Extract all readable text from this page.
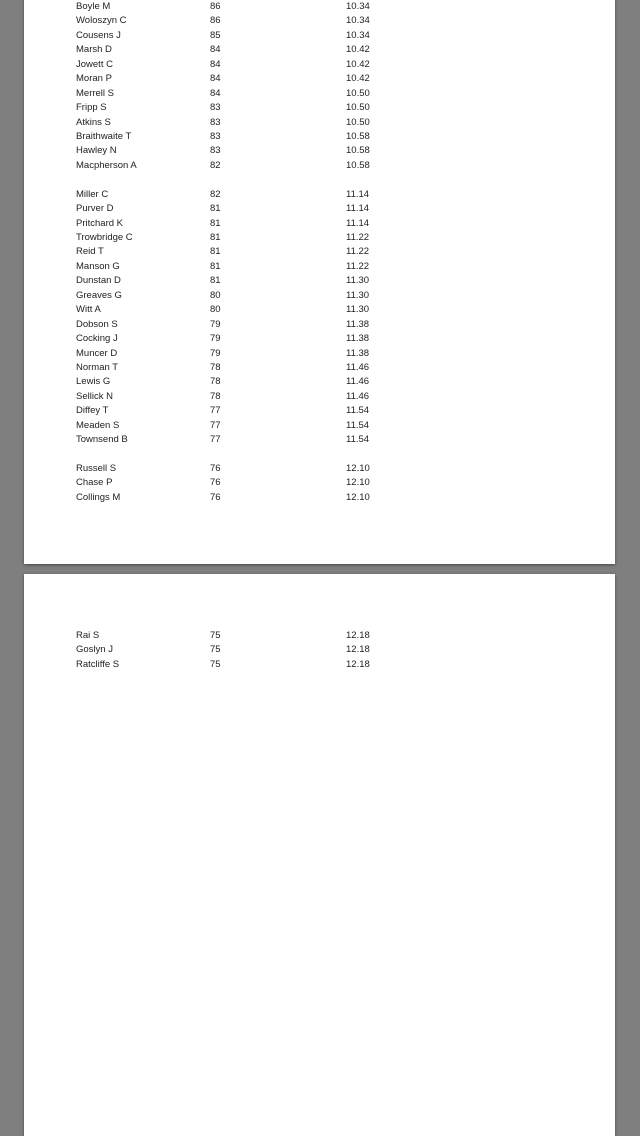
Boyle M	86	10.34
Woloszyn C	86	10.34
Cousens J	85	10.34
Marsh D	84	10.42
Jowett C	84	10.42
Moran P	84	10.42
Merrell S	84	10.50
Fripp S	83	10.50
Atkins S	83	10.50
Braithwaite T	83	10.58
Hawley N	83	10.58
Macpherson A	82	10.58
Miller C	82	11.14
Purver D	81	11.14
Pritchard K	81	11.14
Trowbridge C	81	11.22
Reid T	81	11.22
Manson G	81	11.22
Dunstan D	81	11.30
Greaves G	80	11.30
Witt A	80	11.30
Dobson S	79	11.38
Cocking J	79	11.38
Muncer D	79	11.38
Norman T	78	11.46
Lewis G	78	11.46
Sellick N	78	11.46
Diffey T	77	11.54
Meaden S	77	11.54
Townsend B	77	11.54
Russell S	76	12.10
Chase P	76	12.10
Collings M	76	12.10
Rai S	75	12.18
Goslyn J	75	12.18
Ratcliffe S	75	12.18
